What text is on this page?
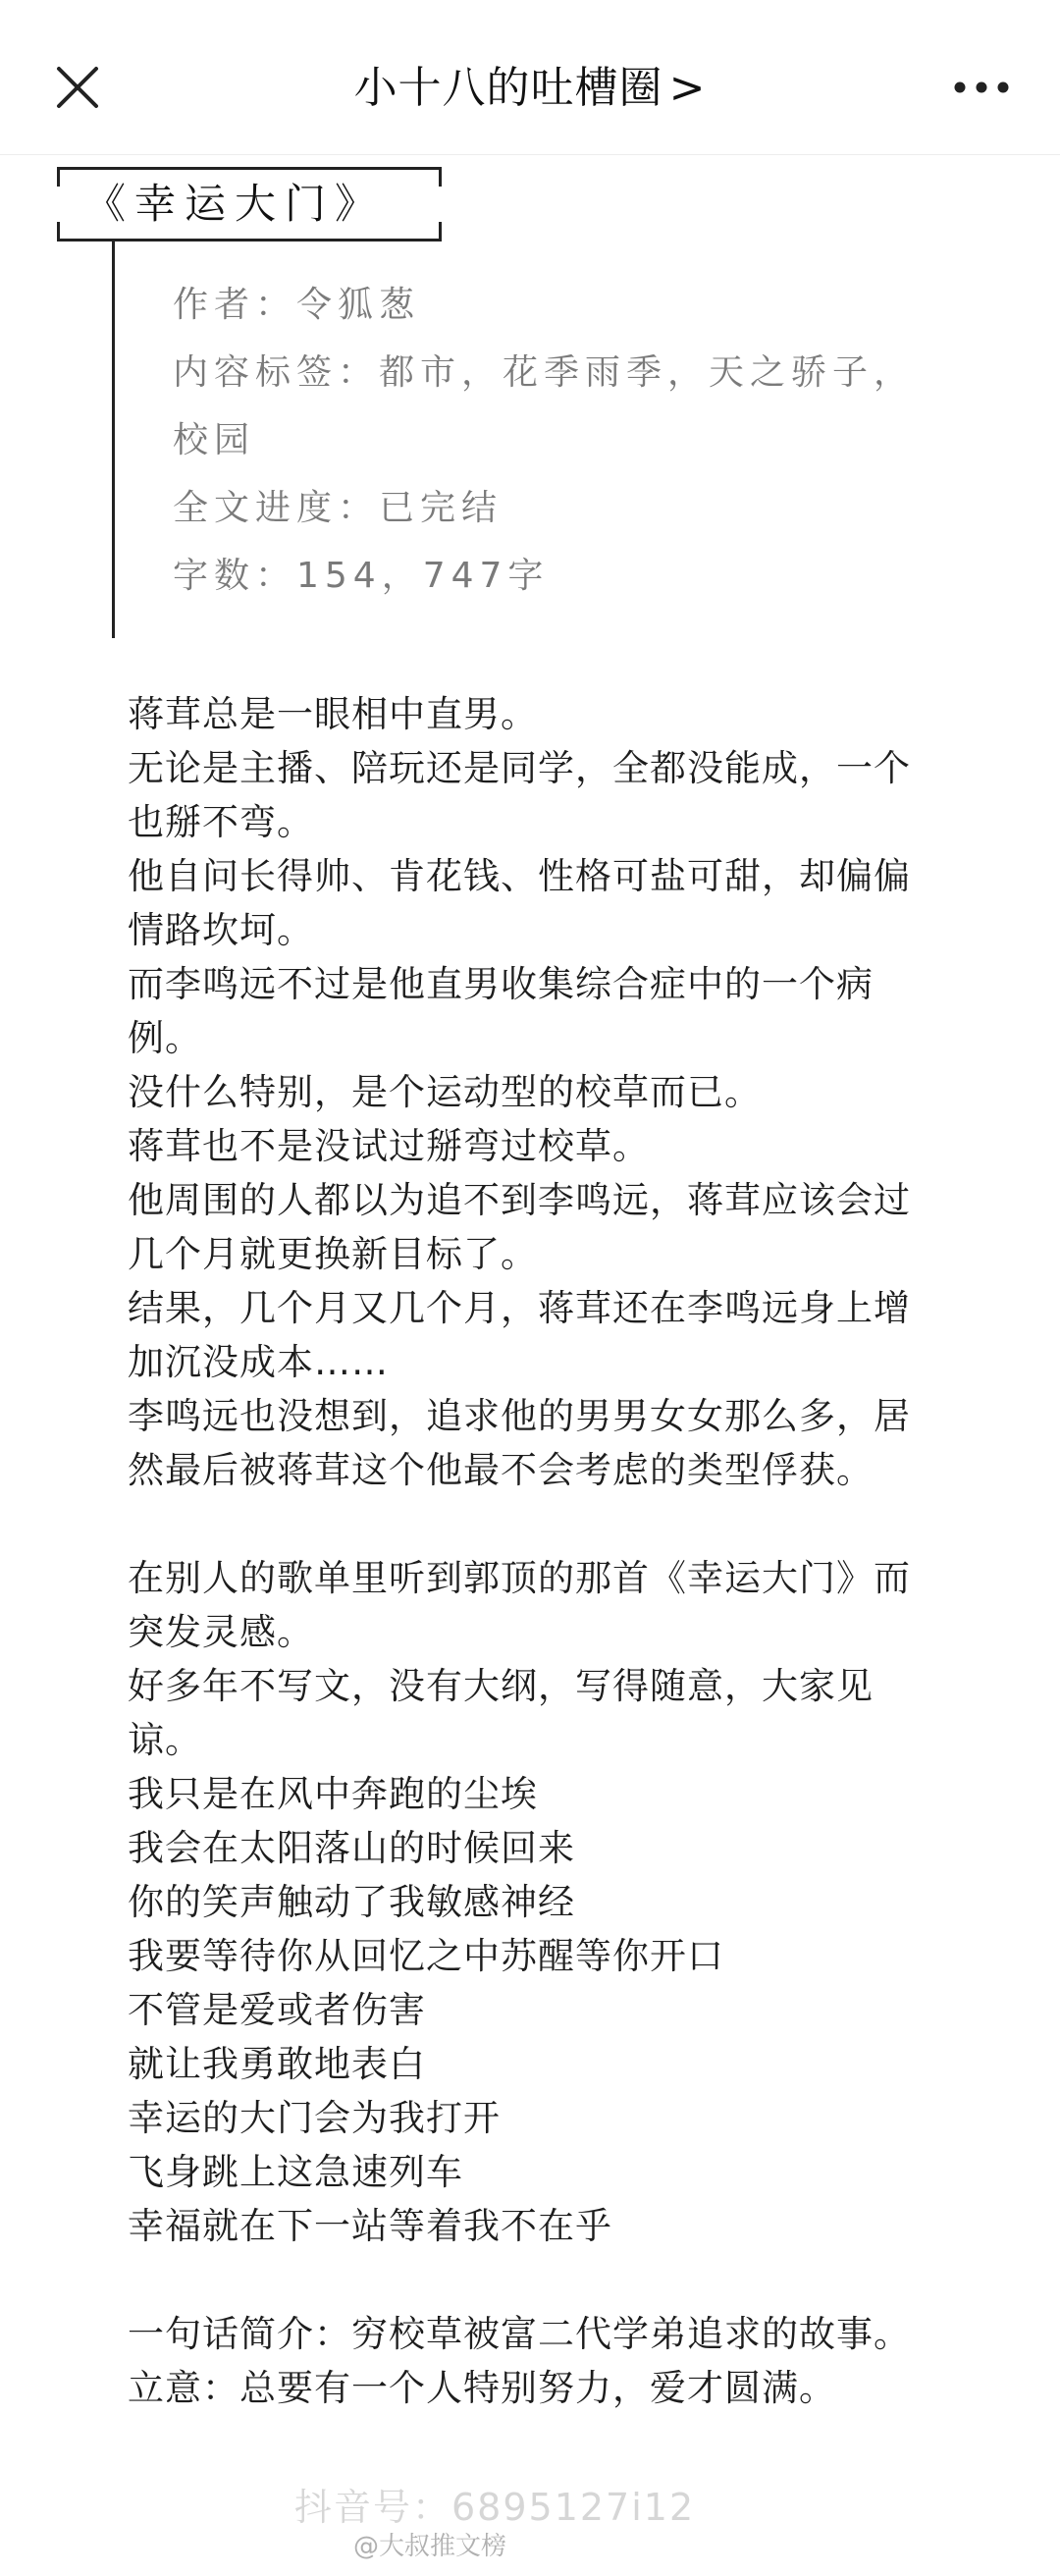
小十八的吐槽圈 >
《幸运大门》
作者：令狐葱
内容标签：都市，花季雨季，天之骄子，校园
全文进度：已完结
字数：154，747字

蒋茸总是一眼相中直男。

无论是主播、陪玩还是同学，全都没能成，一个也掰不弯。

他自问长得帅、肯花钱、性格可盐可甜，却偏偏情路坎坷。

而李鸣远不过是他直男收集综合症中的一个病例。

没什么特别，是个运动型的校草而已。

蒋茸也不是没试过掰弯过校草。

他周围的人都以为追不到李鸣远，蒋茸应该会过几个月就更换新目标了。

结果，几个月又几个月，蒋茸还在李鸣远身上增加沉没成本……

李鸣远也没想到，追求他的男男女女那么多，居然最后被蒋茸这个他最不会考虑的类型俘获。

在别人的歌单里听到郭顶的那首《幸运大门》而突发灵感。

好多年不写文，没有大纲，写得随意，大家见谅。

我只是在风中奔跑的尘埃

我会在太阳落山的时候回来

你的笑声触动了我敏感神经

我要等待你从回忆之中苏醒等你开口

不管是爱或者伤害

就让我勇敢地表白

幸运的大门会为我打开

飞身跳上这急速列车

幸福就在下一站等着我不在乎

一句话简介：穷校草被富二代学弟追求的故事。

立意：总要有一个人特别努力，爱才圆满。

抖音号：6895127ⅰ12
@大叔推文榜
